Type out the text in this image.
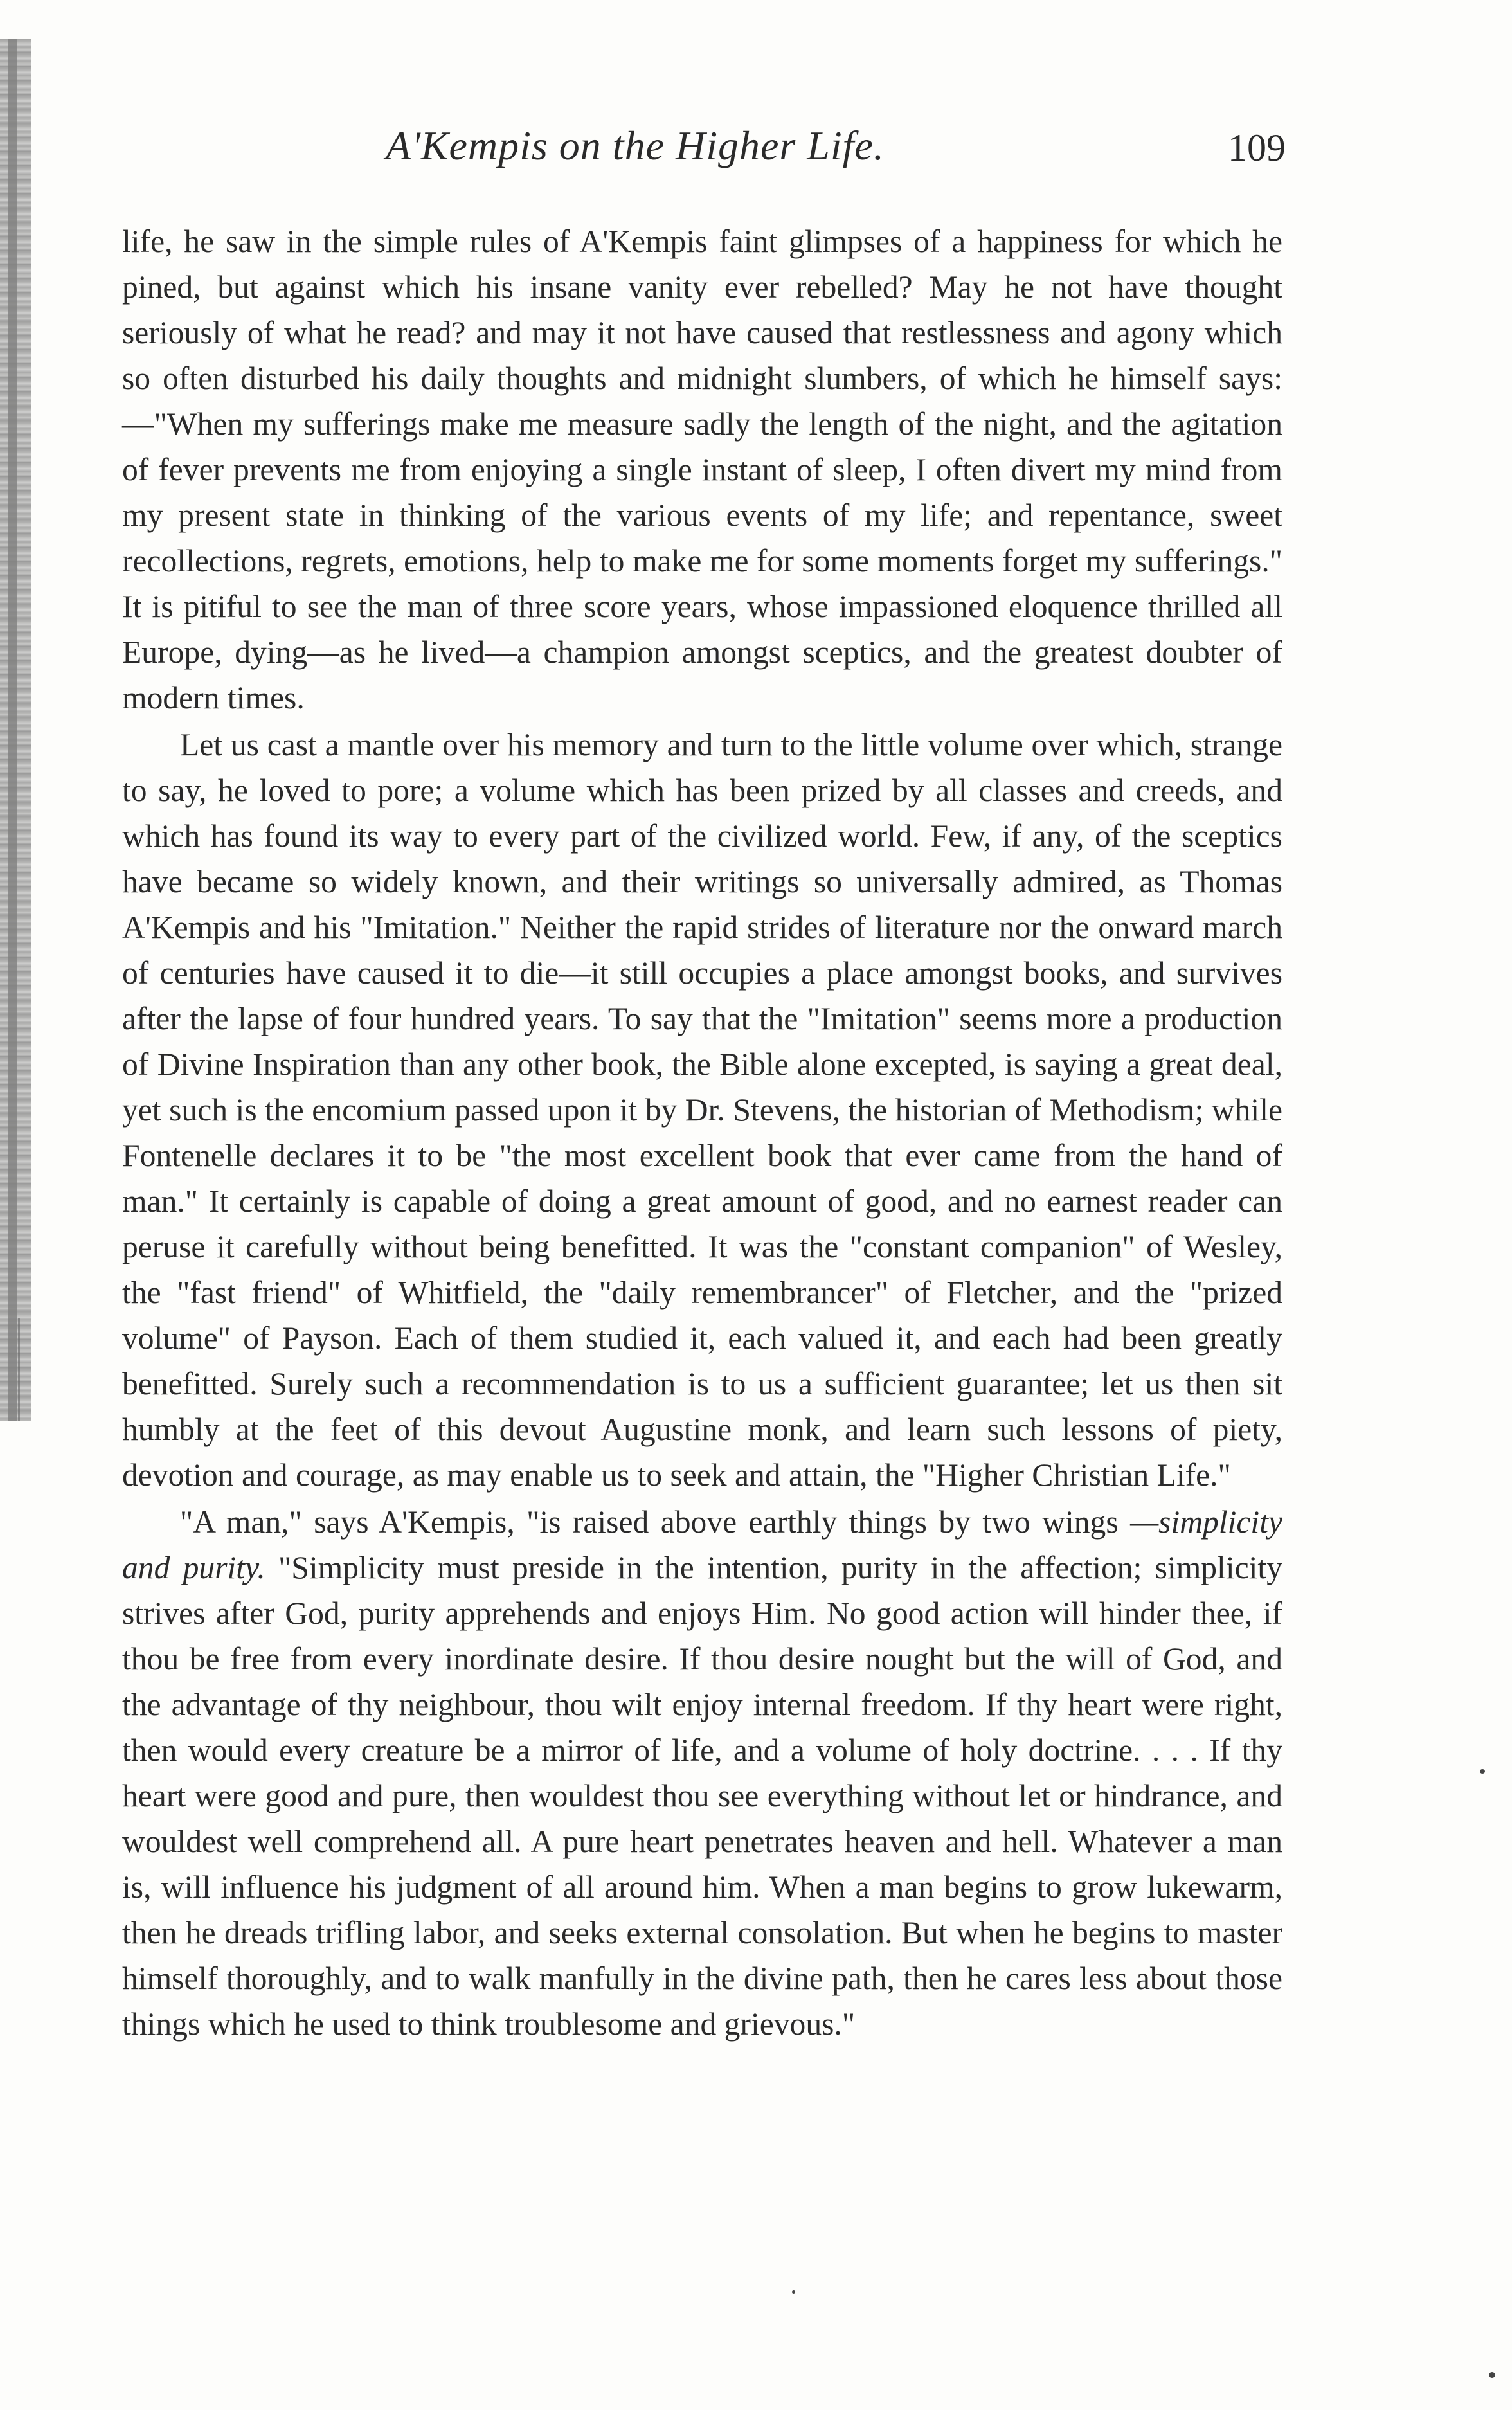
A'Kempis on the Higher Life.	109

life, he saw in the simple rules of A'Kempis faint glimpses of a happiness for which he pined, but against which his insane vanity ever rebelled? May he not have thought seriously of what he read? and may it not have caused that restlessness and agony which so often disturbed his daily thoughts and midnight slumbers, of which he himself says:—"When my sufferings make me measure sadly the length of the night, and the agitation of fever prevents me from enjoying a single instant of sleep, I often divert my mind from my present state in thinking of the various events of my life; and repentance, sweet recollections, regrets, emotions, help to make me for some moments forget my sufferings." It is pitiful to see the man of three score years, whose impassioned eloquence thrilled all Europe, dying—as he lived—a champion amongst sceptics, and the greatest doubter of modern times.

Let us cast a mantle over his memory and turn to the little volume over which, strange to say, he loved to pore; a volume which has been prized by all classes and creeds, and which has found its way to every part of the civilized world. Few, if any, of the sceptics have became so widely known, and their writings so universally admired, as Thomas A'Kempis and his "Imitation." Neither the rapid strides of literature nor the onward march of centuries have caused it to die—it still occupies a place amongst books, and survives after the lapse of four hundred years. To say that the "Imitation" seems more a production of Divine Inspiration than any other book, the Bible alone excepted, is saying a great deal, yet such is the encomium passed upon it by Dr. Stevens, the historian of Methodism; while Fontenelle declares it to be "the most excellent book that ever came from the hand of man." It certainly is capable of doing a great amount of good, and no earnest reader can peruse it carefully without being benefitted. It was the "constant companion" of Wesley, the "fast friend" of Whitfield, the "daily remembrancer" of Fletcher, and the "prized volume" of Payson. Each of them studied it, each valued it, and each had been greatly benefitted. Surely such a recommendation is to us a sufficient guarantee; let us then sit humbly at the feet of this devout Augustine monk, and learn such lessons of piety, devotion and courage, as may enable us to seek and attain, the "Higher Christian Life."

"A man," says A'Kempis, "is raised above earthly things by two wings —simplicity and purity. "Simplicity must preside in the intention, purity in the affection; simplicity strives after God, purity apprehends and enjoys Him. No good action will hinder thee, if thou be free from every inordinate desire. If thou desire nought but the will of God, and the advantage of thy neighbour, thou wilt enjoy internal freedom. If thy heart were right, then would every creature be a mirror of life, and a volume of holy doctrine. . . . If thy heart were good and pure, then wouldest thou see everything without let or hindrance, and wouldest well comprehend all. A pure heart penetrates heaven and hell. Whatever a man is, will influence his judgment of all around him. When a man begins to grow lukewarm, then he dreads trifling labor, and seeks external consolation. But when he begins to master himself thoroughly, and to walk manfully in the divine path, then he cares less about those things which he used to think troublesome and grievous."
